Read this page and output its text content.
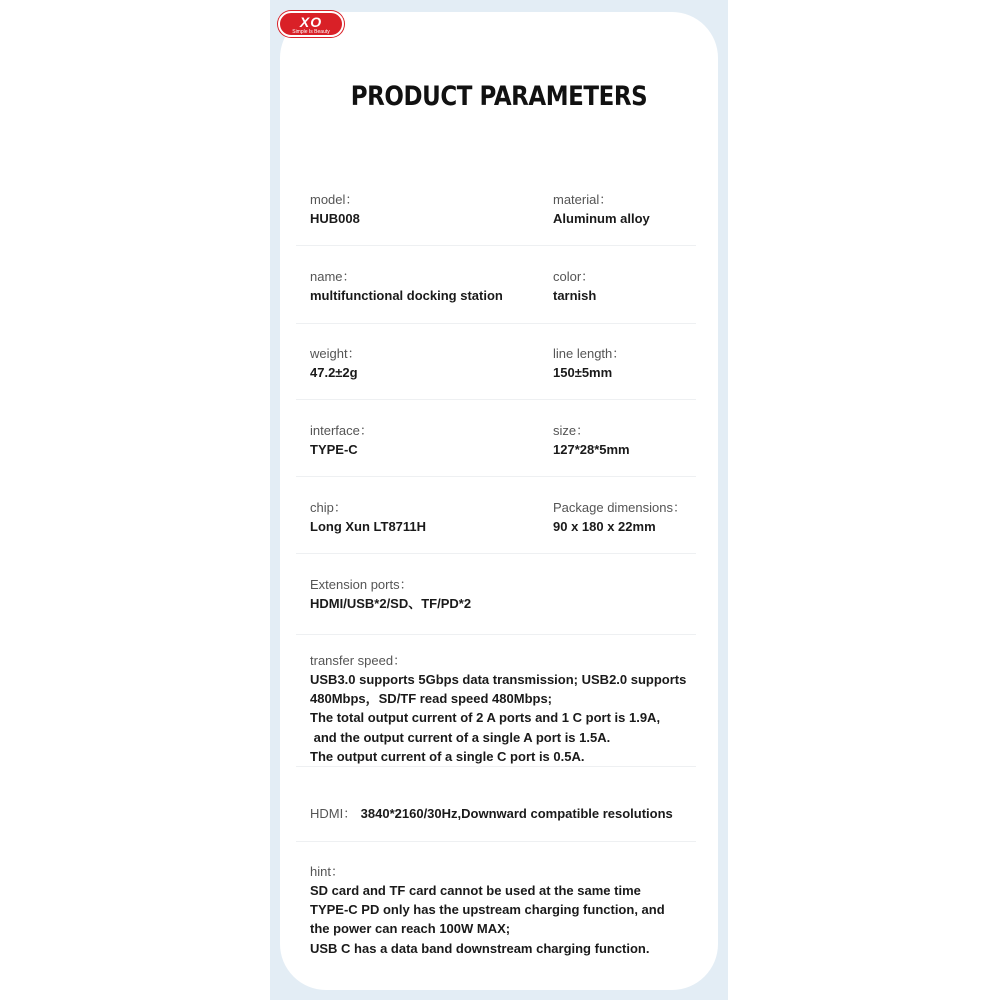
XO
Simple Is Beauty
PRODUCT PARAMETERS
model：
HUB008
material：
Aluminum alloy
name：
multifunctional docking station
color：
tarnish
weight：
47.2±2g
line length：
150±5mm
interface：
TYPE-C
size：
127*28*5mm
chip：
Long Xun LT8711H
Package dimensions：
90 x 180 x 22mm
Extension ports：
HDMI/USB*2/SD、TF/PD*2
transfer speed：
USB3.0 supports 5Gbps data transmission; USB2.0 supports
480Mbps，SD/TF read speed 480Mbps;
The total output current of 2 A ports and 1 C port is 1.9A,
and the output current of a single A port is 1.5A.
The output current of a single C port is 0.5A.
HDMI： 3840*2160/30Hz,Downward compatible resolutions
hint：
SD card and TF card cannot be used at the same time
TYPE-C PD only has the upstream charging function, and
the power can reach 100W MAX;
USB C has a data band downstream charging function.
